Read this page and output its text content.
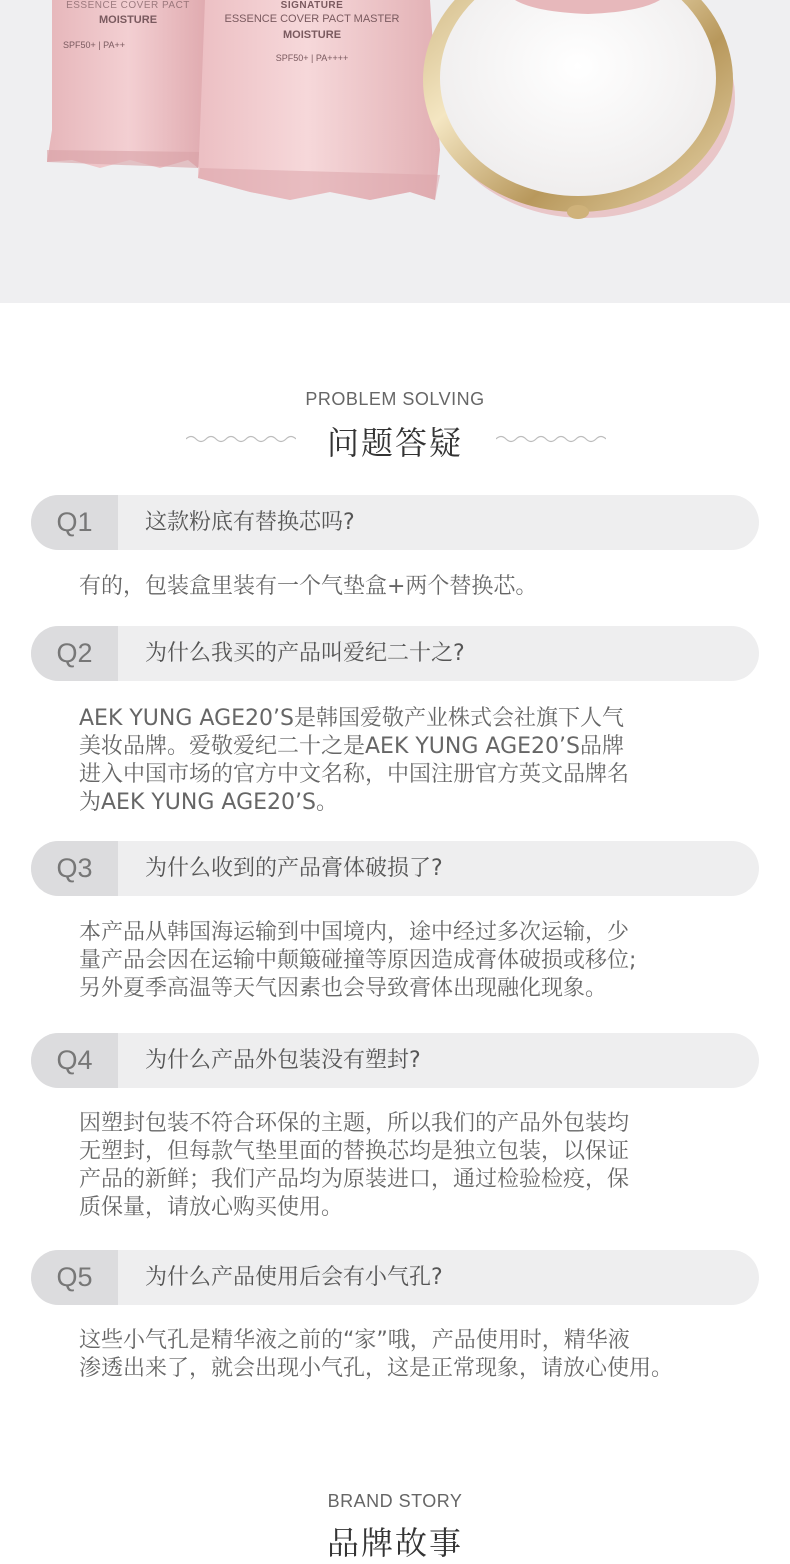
ESSENCE COVER PACT
MOISTURE
SPF50+ | PA++
SIGNATURE
ESSENCE COVER PACT MASTER
MOISTURE
SPF50+ | PA++++
PROBLEM SOLVING
问题答疑
Q1	这款粉底有替换芯吗?

有的，包装盒里装有一个气垫盒+两个替换芯。

Q2	为什么我买的产品叫爱纪二十之?

AEK YUNG AGE20’S是韩国爱敬产业株式会社旗下人气
美妆品牌。爱敬爱纪二十之是AEK YUNG AGE20’S品牌
进入中国市场的官方中文名称，中国注册官方英文品牌名
为AEK YUNG AGE20’S。

Q3	为什么收到的产品膏体破损了?

本产品从韩国海运输到中国境内，途中经过多次运输，少
量产品会因在运输中颠簸碰撞等原因造成膏体破损或移位;
另外夏季高温等天气因素也会导致膏体出现融化现象。

Q4	为什么产品外包装没有塑封?

因塑封包装不符合环保的主题，所以我们的产品外包装均
无塑封，但每款气垫里面的替换芯均是独立包装，以保证
产品的新鲜；我们产品均为原装进口，通过检验检疫，保
质保量，请放心购买使用。

Q5	为什么产品使用后会有小气孔?

这些小气孔是精华液之前的“家”哦，产品使用时，精华液
渗透出来了，就会出现小气孔，这是正常现象，请放心使用。

BRAND STORY
品牌故事
